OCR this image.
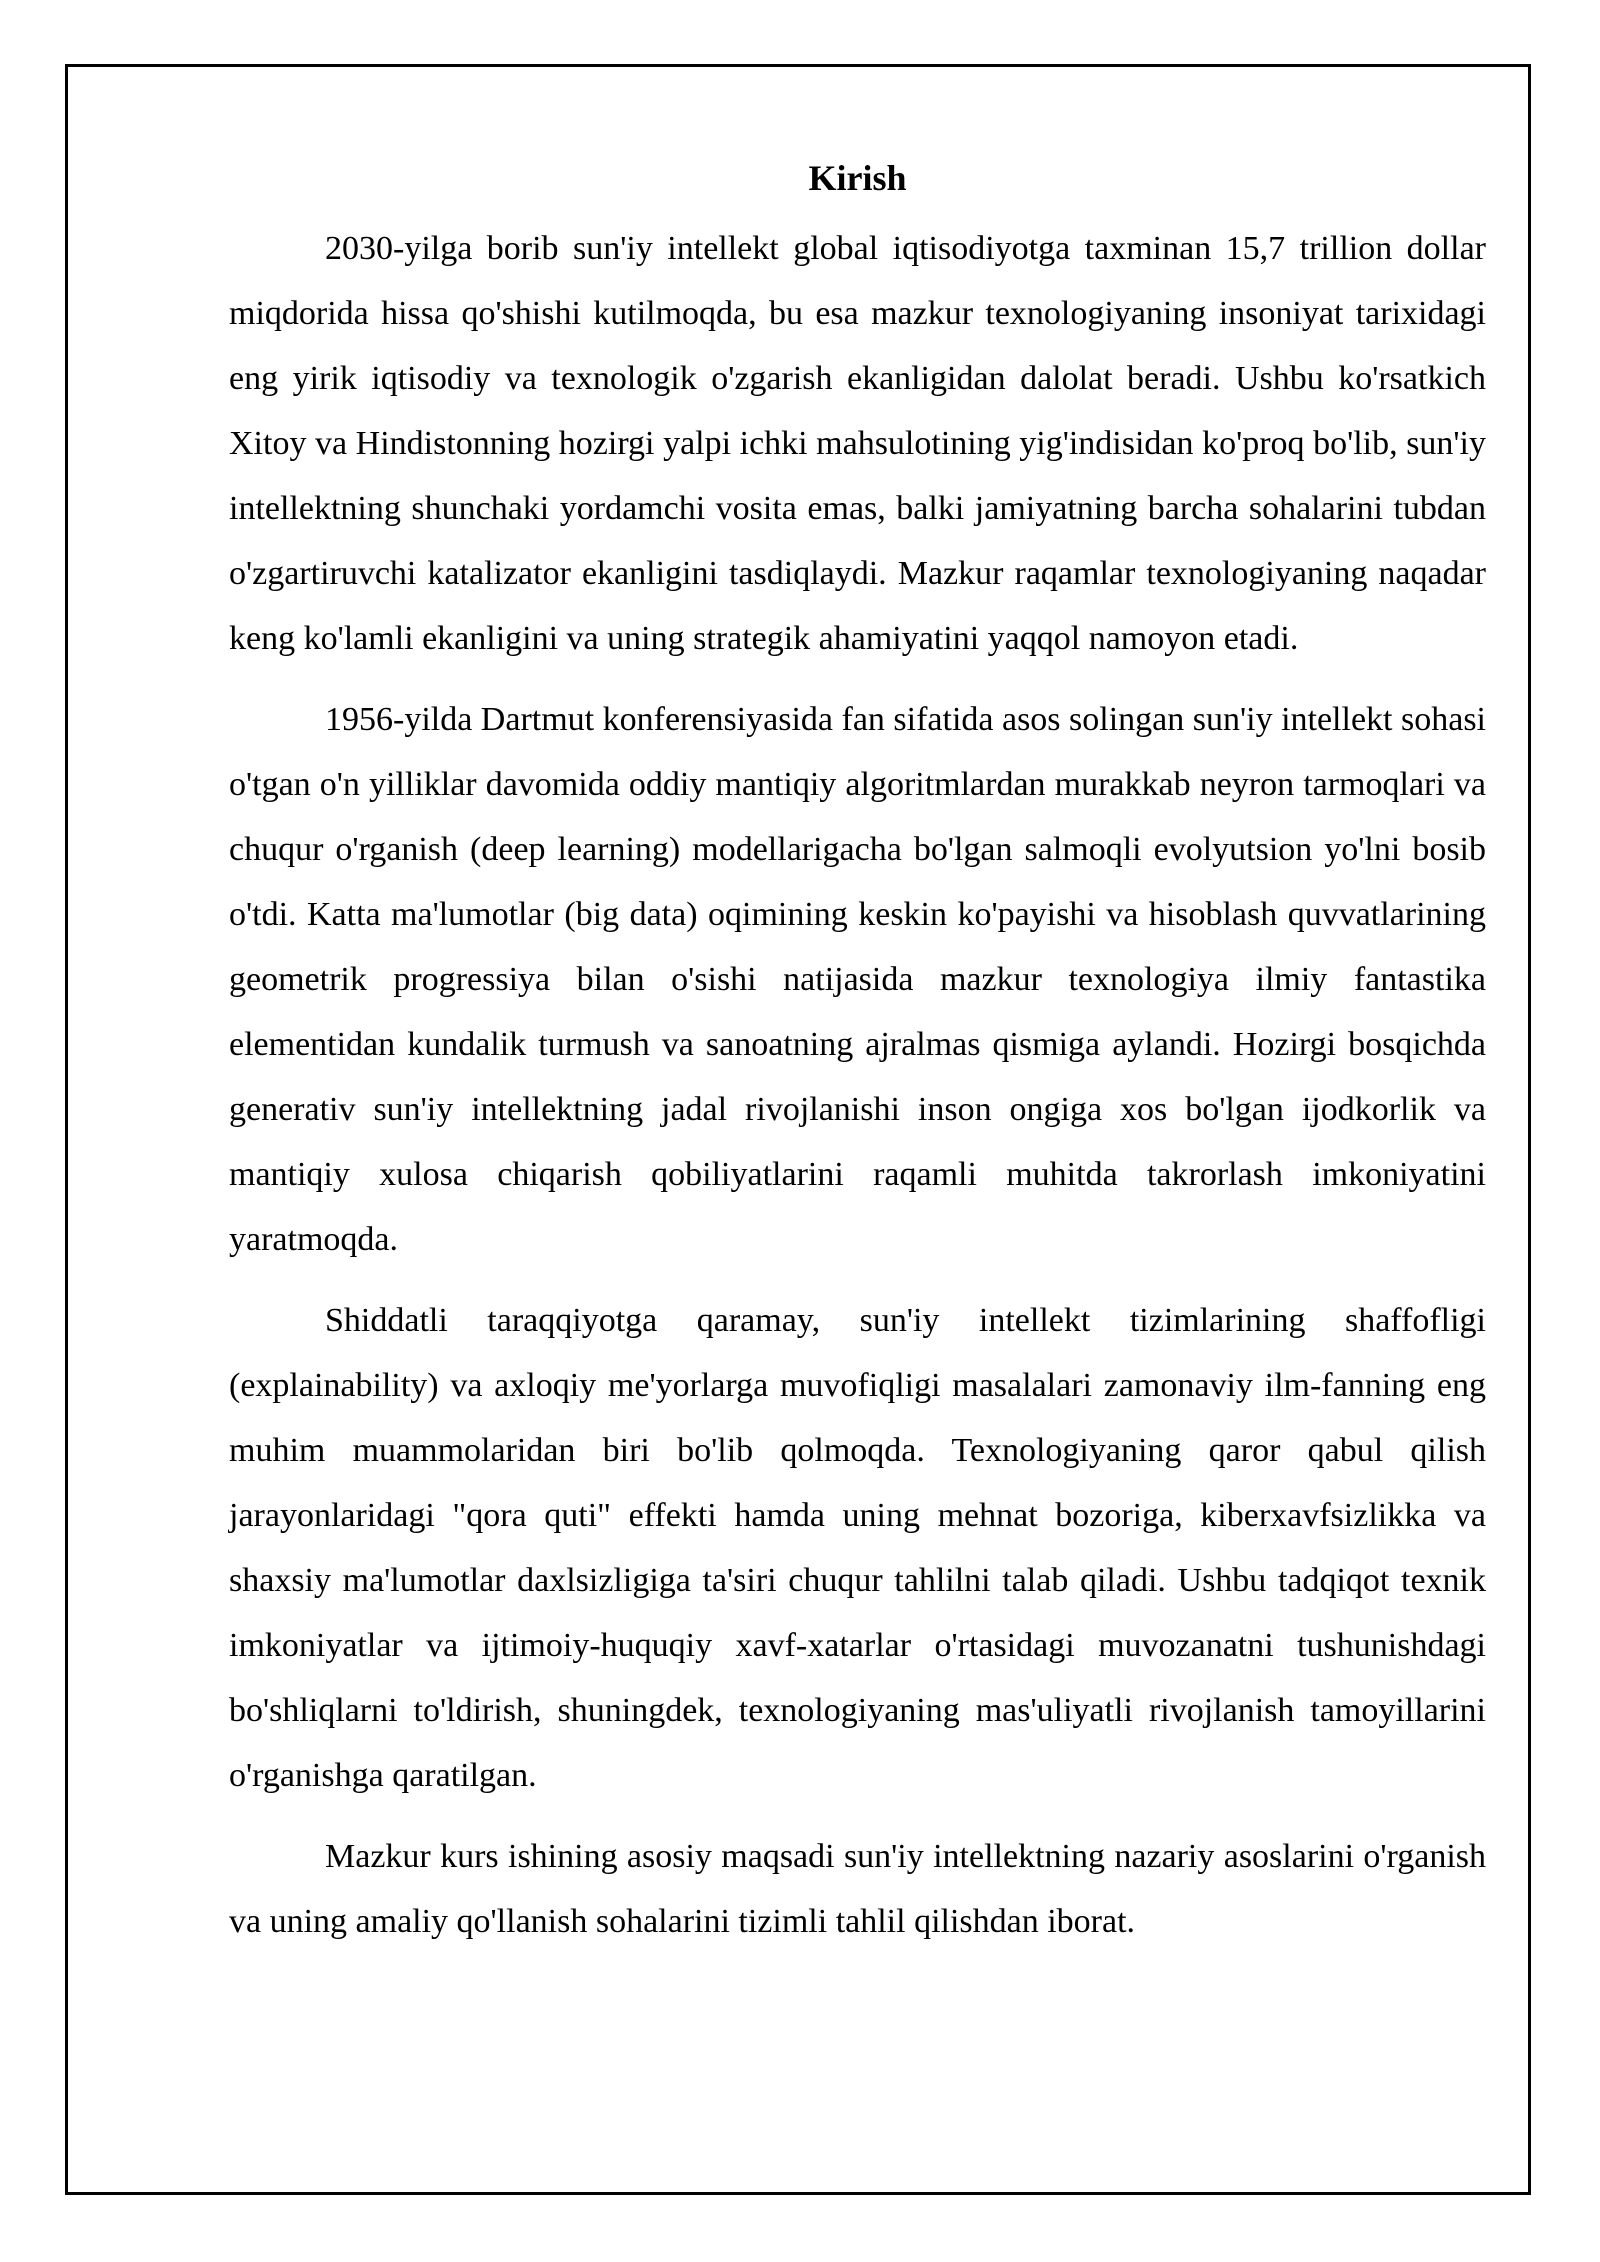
Kirish

2030-yilga borib sun'iy intellekt global iqtisodiyotga taxminan 15,7 trillion dollar miqdorida hissa qo'shishi kutilmoqda, bu esa mazkur texnologiyaning insoniyat tarixidagi eng yirik iqtisodiy va texnologik o'zgarish ekanligidan dalolat beradi. Ushbu ko'rsatkich Xitoy va Hindistonning hozirgi yalpi ichki mahsulotining yig'indisidan ko'proq bo'lib, sun'iy intellektning shunchaki yordamchi vosita emas, balki jamiyatning barcha sohalarini tubdan o'zgartiruvchi katalizator ekanligini tasdiqlaydi. Mazkur raqamlar texnologiyaning naqadar keng ko'lamli ekanligini va uning strategik ahamiyatini yaqqol namoyon etadi.

1956-yilda Dartmut konferensiyasida fan sifatida asos solingan sun'iy intellekt sohasi o'tgan o'n yilliklar davomida oddiy mantiqiy algoritmlardan murakkab neyron tarmoqlari va chuqur o'rganish (deep learning) modellarigacha bo'lgan salmoqli evolyutsion yo'lni bosib o'tdi. Katta ma'lumotlar (big data) oqimining keskin ko'payishi va hisoblash quvvatlarining geometrik progressiya bilan o'sishi natijasida mazkur texnologiya ilmiy fantastika elementidan kundalik turmush va sanoatning ajralmas qismiga aylandi. Hozirgi bosqichda generativ sun'iy intellektning jadal rivojlanishi inson ongiga xos bo'lgan ijodkorlik va mantiqiy xulosa chiqarish qobiliyatlarini raqamli muhitda takrorlash imkoniyatini yaratmoqda.

Shiddatli taraqqiyotga qaramay, sun'iy intellekt tizimlarining shaffofligi (explainability) va axloqiy me'yorlarga muvofiqligi masalalari zamonaviy ilm-fanning eng muhim muammolaridan biri bo'lib qolmoqda. Texnologiyaning qaror qabul qilish jarayonlaridagi "qora quti" effekti hamda uning mehnat bozoriga, kiberxavfsizlikka va shaxsiy ma'lumotlar daxlsizligiga ta'siri chuqur tahlilni talab qiladi. Ushbu tadqiqot texnik imkoniyatlar va ijtimoiy-huquqiy xavf-xatarlar o'rtasidagi muvozanatni tushunishdagi bo'shliqlarni to'ldirish, shuningdek, texnologiyaning mas'uliyatli rivojlanish tamoyillarini o'rganishga qaratilgan.

Mazkur kurs ishining asosiy maqsadi sun'iy intellektning nazariy asoslarini o'rganish va uning amaliy qo'llanish sohalarini tizimli tahlil qilishdan iborat.
